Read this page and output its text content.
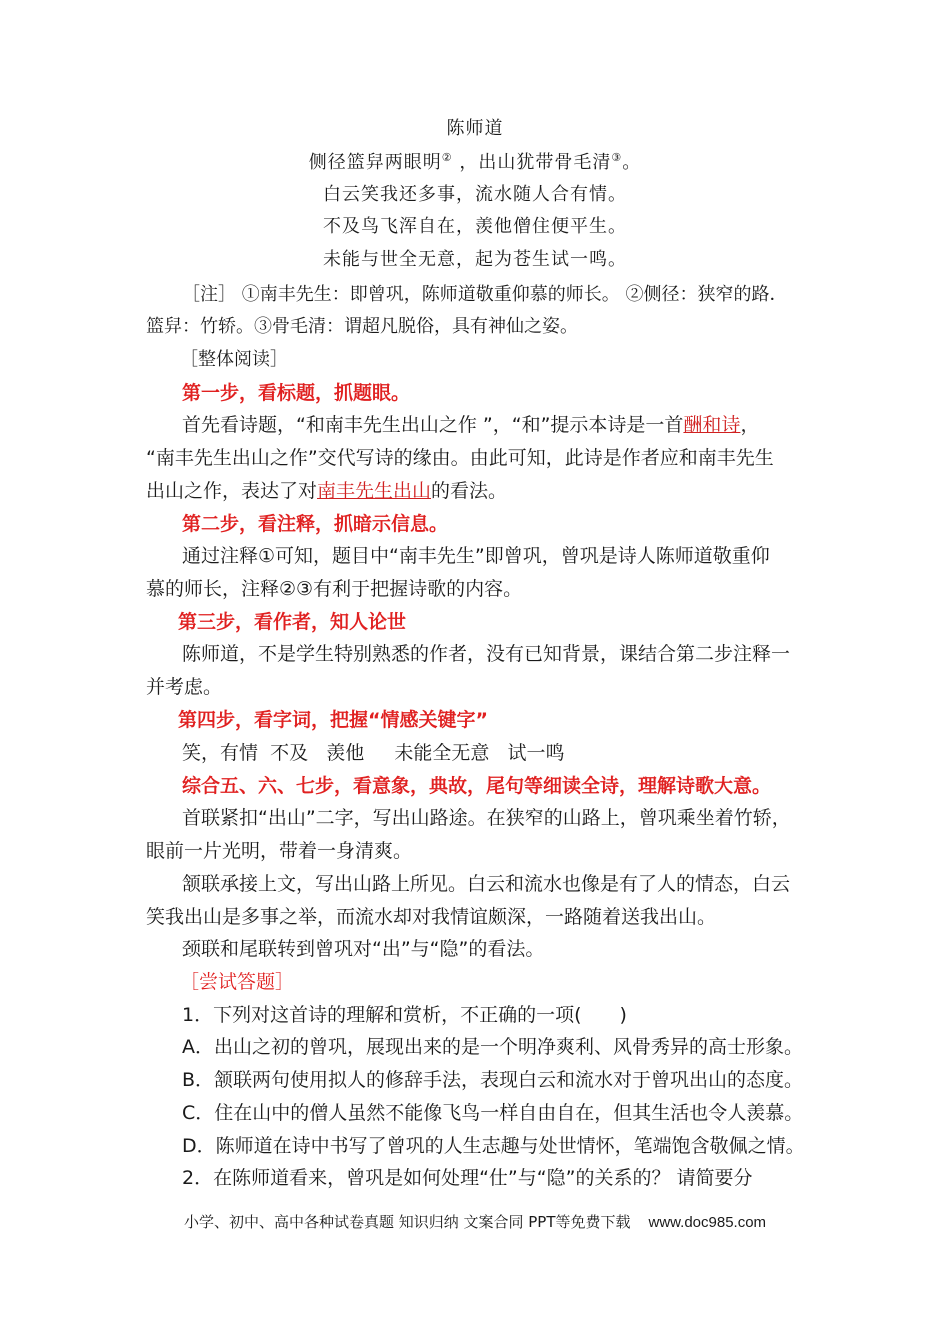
陈师道
侧径篮舁两眼明② ，出山犹带骨毛清③。
白云笑我还多事，流水随人合有情。
不及鸟飞浑自在，羡他僧住便平生。
未能与世全无意，起为苍生试一鸣。
［注］ ①南丰先生：即曾巩，陈师道敬重仰慕的师长。 ②侧径：狭窄的路．
篮舁：竹轿。③骨毛清：谓超凡脱俗，具有神仙之姿。
［整体阅读］
第一步，看标题，抓题眼。
首先看诗题，“和南丰先生出山之作 ”，“和”提示本诗是一首酬和诗，
“南丰先生出山之作”交代写诗的缘由。由此可知，此诗是作者应和南丰先生
出山之作，表达了对南丰先生出山的看法。
第二步，看注释，抓暗示信息。
通过注释①可知，题目中“南丰先生”即曾巩，曾巩是诗人陈师道敬重仰
慕的师长，注释②③有利于把握诗歌的内容。
第三步，看作者，知人论世
陈师道，不是学生特别熟悉的作者，没有已知背景，课结合第二步注释一
并考虑。
第四步，看字词，把握“情感关键字”
笑，有情  不及   羡他     未能全无意   试一鸣
综合五、六、七步，看意象，典故，尾句等细读全诗，理解诗歌大意。
首联紧扣“出山”二字，写出山路途。在狭窄的山路上，曾巩乘坐着竹轿，
眼前一片光明，带着一身清爽。
颔联承接上文，写出山路上所见。白云和流水也像是有了人的情态，白云
笑我出山是多事之举，而流水却对我情谊颇深，一路随着送我出山。
颈联和尾联转到曾巩对“出”与“隐”的看法。
［尝试答题］
1．下列对这首诗的理解和赏析，不正确的一项(　　)
A．出山之初的曾巩，展现出来的是一个明净爽利、风骨秀异的高士形象。
B．颔联两句使用拟人的修辞手法，表现白云和流水对于曾巩出山的态度。
C．住在山中的僧人虽然不能像飞鸟一样自由自在，但其生活也令人羡慕。
D．陈师道在诗中书写了曾巩的人生志趣与处世情怀，笔端饱含敬佩之情。
2．在陈师道看来，曾巩是如何处理“仕”与“隐”的关系的？ 请简要分
小学、初中、高中各种试卷真题 知识归纳 文案合同 PPT等免费下载 www.doc985.com
